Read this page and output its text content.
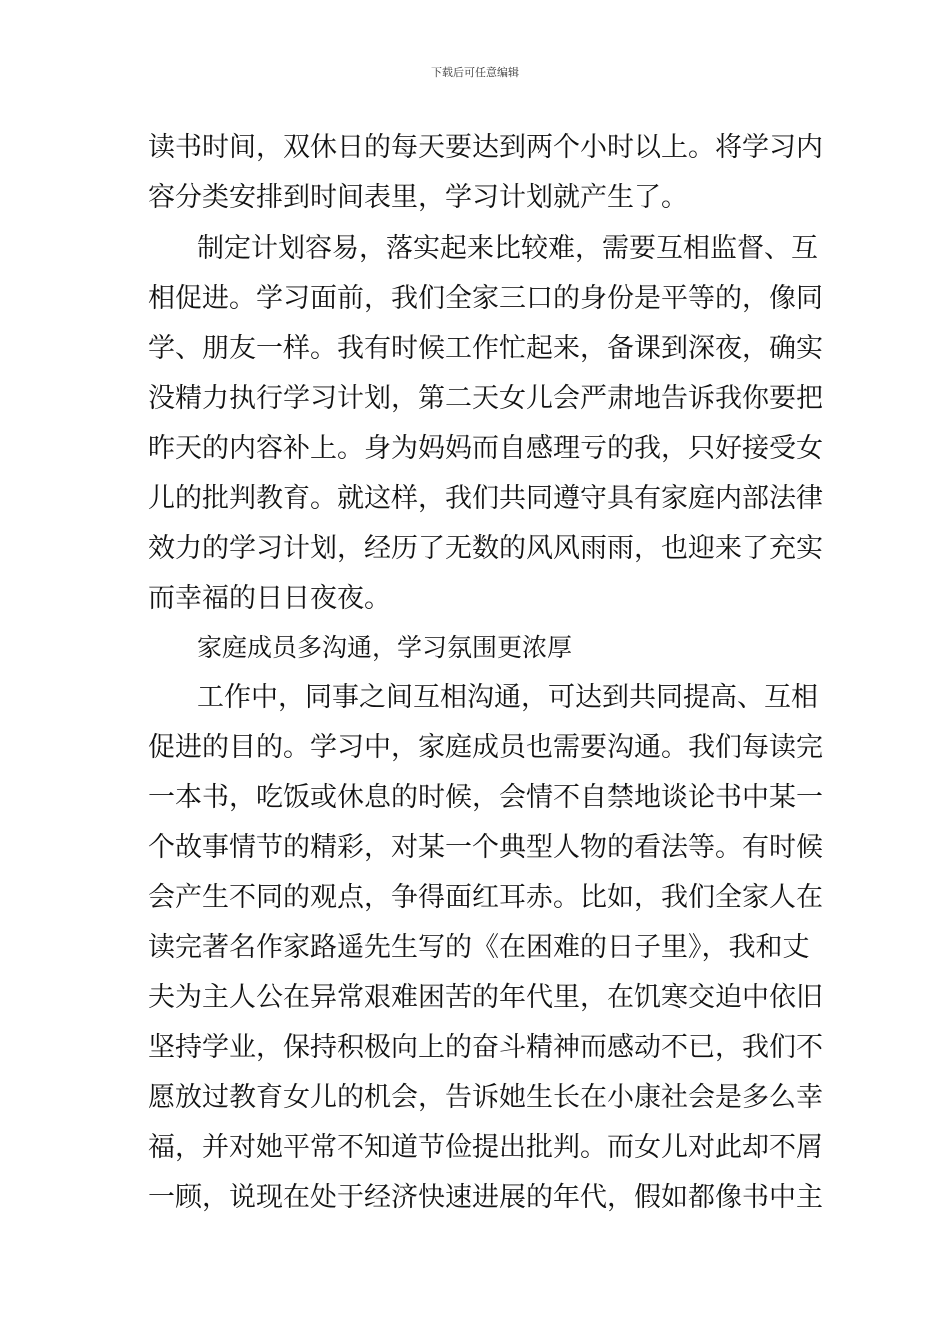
下载后可任意编辑
读书时间，双休日的每天要达到两个小时以上。将学习内
容分类安排到时间表里，学习计划就产生了。
制定计划容易，落实起来比较难，需要互相监督、互
相促进。学习面前，我们全家三口的身份是平等的，像同
学、朋友一样。我有时候工作忙起来，备课到深夜，确实
没精力执行学习计划，第二天女儿会严肃地告诉我你要把
昨天的内容补上。身为妈妈而自感理亏的我，只好接受女
儿的批判教育。就这样，我们共同遵守具有家庭内部法律
效力的学习计划，经历了无数的风风雨雨，也迎来了充实
而幸福的日日夜夜。
家庭成员多沟通，学习氛围更浓厚
工作中，同事之间互相沟通，可达到共同提高、互相
促进的目的。学习中，家庭成员也需要沟通。我们每读完
一本书，吃饭或休息的时候，会情不自禁地谈论书中某一
个故事情节的精彩，对某一个典型人物的看法等。有时候
会产生不同的观点，争得面红耳赤。比如，我们全家人在
读完著名作家路遥先生写的《在困难的日子里》，我和丈
夫为主人公在异常艰难困苦的年代里，在饥寒交迫中依旧
坚持学业，保持积极向上的奋斗精神而感动不已，我们不
愿放过教育女儿的机会，告诉她生长在小康社会是多么幸
福，并对她平常不知道节俭提出批判。而女儿对此却不屑
一顾，说现在处于经济快速进展的年代，假如都像书中主
